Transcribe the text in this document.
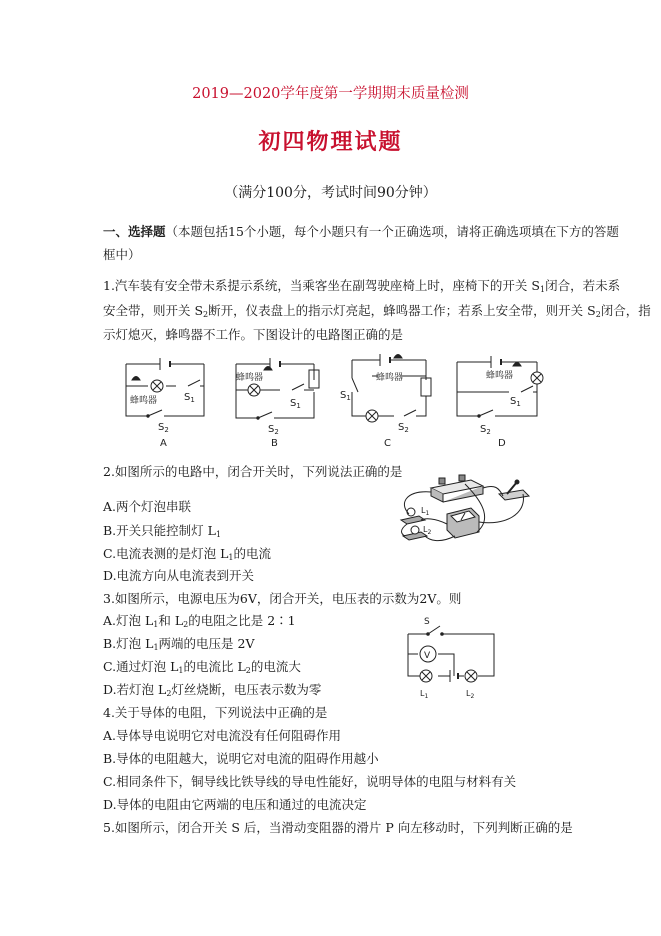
2019—2020学年度第一学期期末质量检测
初四物理试题
（满分100分，考试时间90分钟）
一、选择题（本题包括15个小题，每个小题只有一个正确选项，请将正确选项填在下方的答题
框中）
1.汽车装有安全带未系提示系统，当乘客坐在副驾驶座椅上时，座椅下的开关 $S_1$闭合，若未系
安全带，则开关 $S_2$断开，仪表盘上的指示灯亮起，蜂鸣器工作；若系上安全带，则开关 $S_2$闭合，指
示灯熄灭，蜂鸣器不工作。下图设计的电路图正确的是
蜂鸣器	$S_1$
$S_2$
A
蜂鸣器
$S_1$
$S_2$
B
蜂鸣器
$S_1$
$S_2$
C
蜂鸣器
$S_1$
$S_2$
D
2.如图所示的电路中，闭合开关时，下列说法正确的是
A.两个灯泡串联
B.开关只能控制灯 $L_1$
C.电流表测的是灯泡 $L_1$的电流
D.电流方向从电流表到开关
$L_1$
$L_2$
3.如图所示，电源电压为6V，闭合开关，电压表的示数为2V。则
A.灯泡 $L_1$和 $L_2$的电阻之比是 2∶1
B.灯泡 $L_1$两端的电压是 2V
C.通过灯泡 $L_1$的电流比 $L_2$的电流大
D.若灯泡 $L_2$灯丝烧断，电压表示数为零
S
V
$L_1$	$L_2$
4.关于导体的电阻，下列说法中正确的是
A.导体导电说明它对电流没有任何阻碍作用
B.导体的电阻越大，说明它对电流的阻碍作用越小
C.相同条件下，铜导线比铁导线的导电性能好，说明导体的电阻与材料有关
D.导体的电阻由它两端的电压和通过的电流决定
5.如图所示，闭合开关 S 后，当滑动变阻器的滑片 P 向左移动时，下列判断正确的是
